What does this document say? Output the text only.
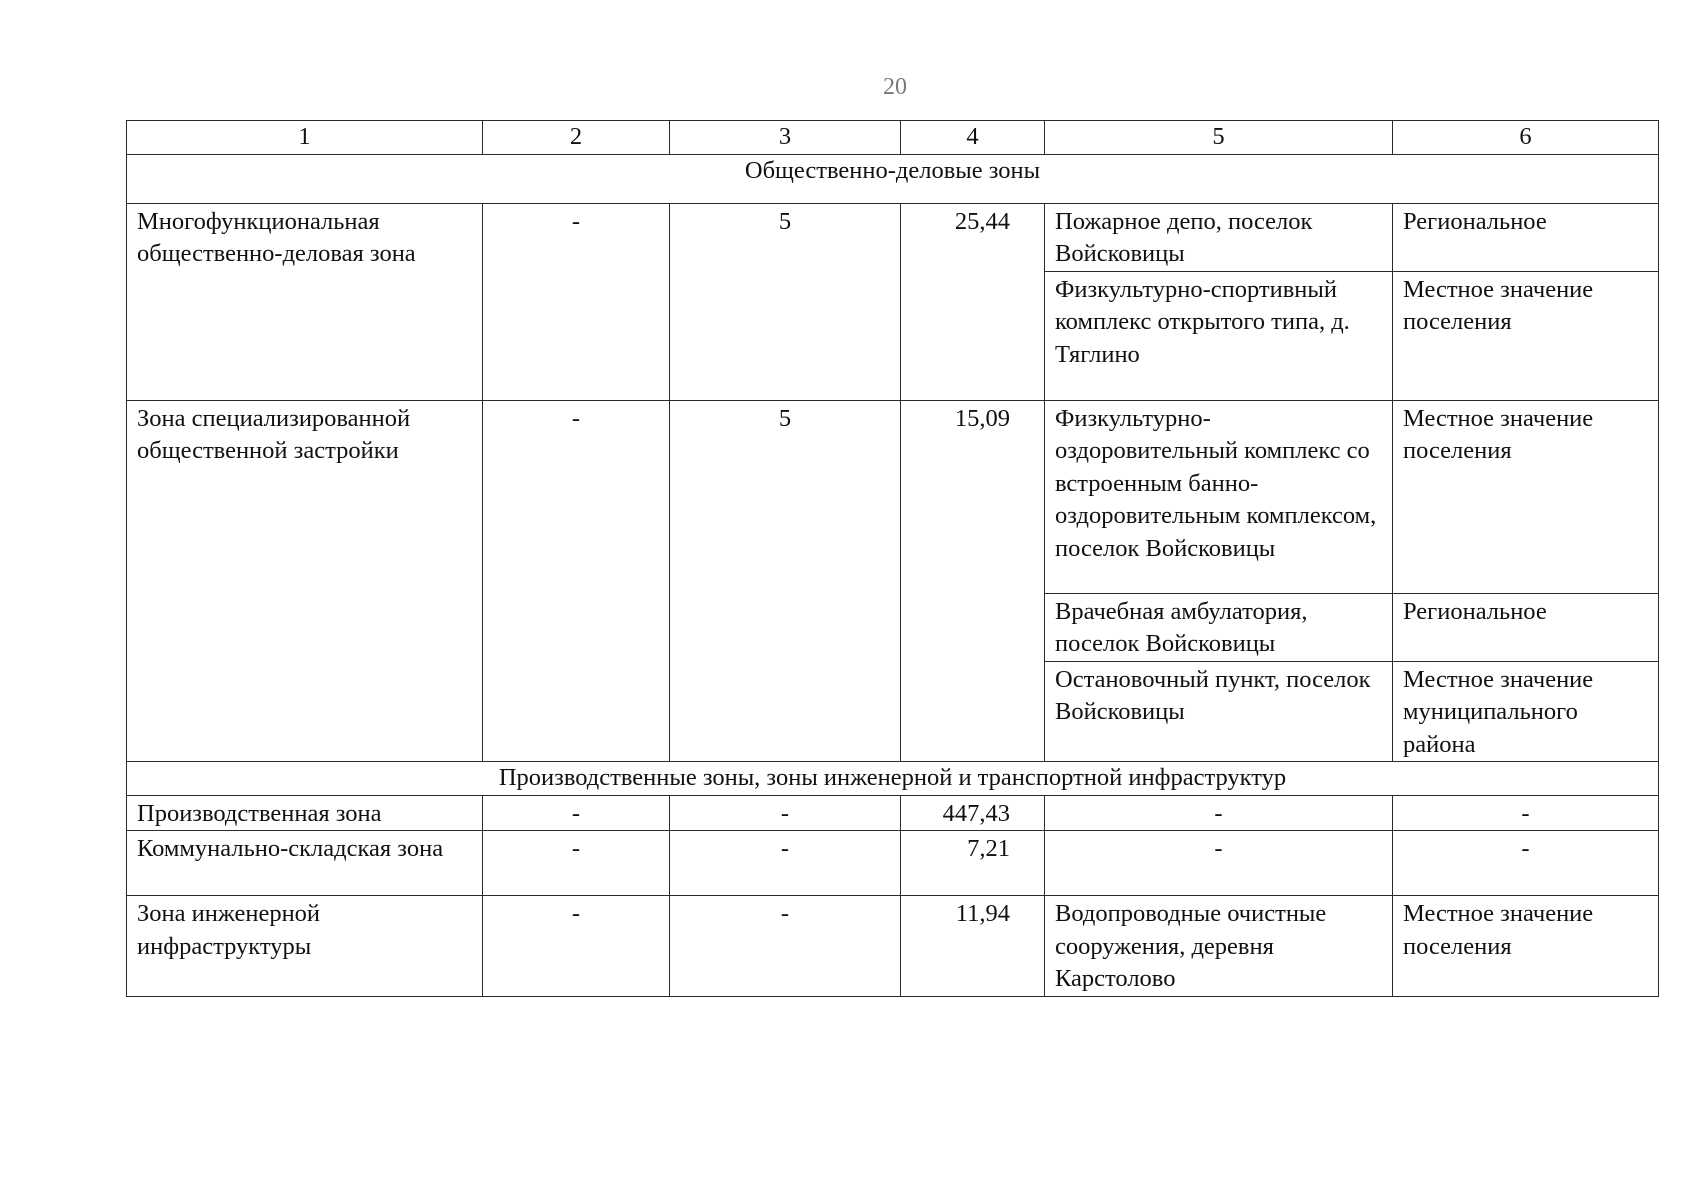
20
1	2	3	4	5	6
Общественно-деловые зоны					
Многофункциональная общественно-деловая зона	-	5	25,44	Пожарное депо, поселок Войсковицы	Региональное
				Физкультурно-спортивный комплекс открытого типа, д. Тяглино	Местное значение поселения
Зона специализированной общественной застройки	-	5	15,09	Физкультурно-оздоровительный комплекс со встроенным банно-оздоровительным комплексом, поселок Войсковицы	Местное значение поселения
				Врачебная амбулатория, поселок Войсковицы	Региональное
				Остановочный пункт, поселок Войсковицы	Местное значение муниципального района
Производственные зоны, зоны инженерной и транспортной инфраструктур					
Производственная зона	-	-	447,43	-	-
Коммунально-складская зона	-	-	7,21	-	-
Зона инженерной инфраструктуры	-	-	11,94	Водопроводные очистные сооружения, деревня Карстолово	Местное значение поселения
